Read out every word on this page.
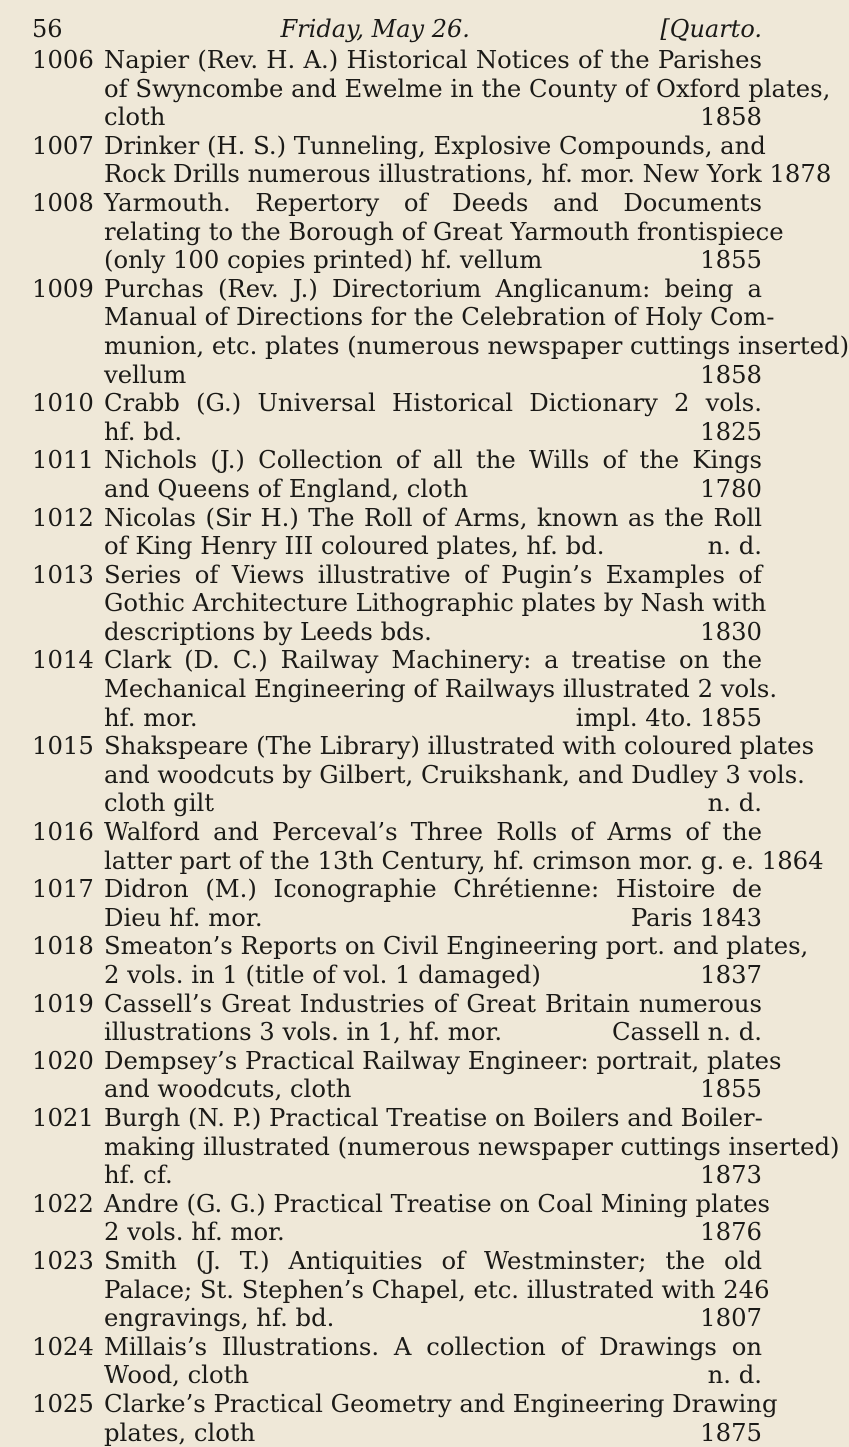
56	Friday, May 26.	[Quarto.
1006 Napier (Rev. H. A.) Historical Notices of the Parishes
of Swyncombe and Ewelme in the County of Oxford plates,
cloth	1858
1007 Drinker (H. S.) Tunneling, Explosive Compounds, and
Rock Drills numerous illustrations, hf. mor. New York 1878
1008 Yarmouth. Repertory of Deeds and Documents
relating to the Borough of Great Yarmouth frontispiece
(only 100 copies printed) hf. vellum	1855
1009 Purchas (Rev. J.) Directorium Anglicanum: being a
Manual of Directions for the Celebration of Holy Com-
munion, etc. plates (numerous newspaper cuttings inserted)
vellum	1858
1010 Crabb (G.) Universal Historical Dictionary 2 vols.
hf. bd.	1825
1011 Nichols (J.) Collection of all the Wills of the Kings
and Queens of England, cloth	1780
1012 Nicolas (Sir H.) The Roll of Arms, known as the Roll
of King Henry III coloured plates, hf. bd.	n. d.
1013 Series of Views illustrative of Pugin’s Examples of
Gothic Architecture Lithographic plates by Nash with
descriptions by Leeds bds.	1830
1014 Clark (D. C.) Railway Machinery: a treatise on the
Mechanical Engineering of Railways illustrated 2 vols.
hf. mor.	impl. 4to. 1855
1015 Shakspeare (The Library) illustrated with coloured plates
and woodcuts by Gilbert, Cruikshank, and Dudley 3 vols.
cloth gilt	n. d.
1016 Walford and Perceval’s Three Rolls of Arms of the
latter part of the 13th Century, hf. crimson mor. g. e. 1864
1017 Didron (M.) Iconographie Chrétienne: Histoire de
Dieu hf. mor.	Paris 1843
1018 Smeaton’s Reports on Civil Engineering port. and plates,
2 vols. in 1 (title of vol. 1 damaged)	1837
1019 Cassell’s Great Industries of Great Britain numerous
illustrations 3 vols. in 1, hf. mor.	Cassell n. d.
1020 Dempsey’s Practical Railway Engineer: portrait, plates
and woodcuts, cloth	1855
1021 Burgh (N. P.) Practical Treatise on Boilers and Boiler-
making illustrated (numerous newspaper cuttings inserted)
hf. cf.	1873
1022 Andre (G. G.) Practical Treatise on Coal Mining plates
2 vols. hf. mor.	1876
1023 Smith (J. T.) Antiquities of Westminster; the old
Palace; St. Stephen’s Chapel, etc. illustrated with 246
engravings, hf. bd.	1807
1024 Millais’s Illustrations. A collection of Drawings on
Wood, cloth	n. d.
1025 Clarke’s Practical Geometry and Engineering Drawing
plates, cloth	1875
